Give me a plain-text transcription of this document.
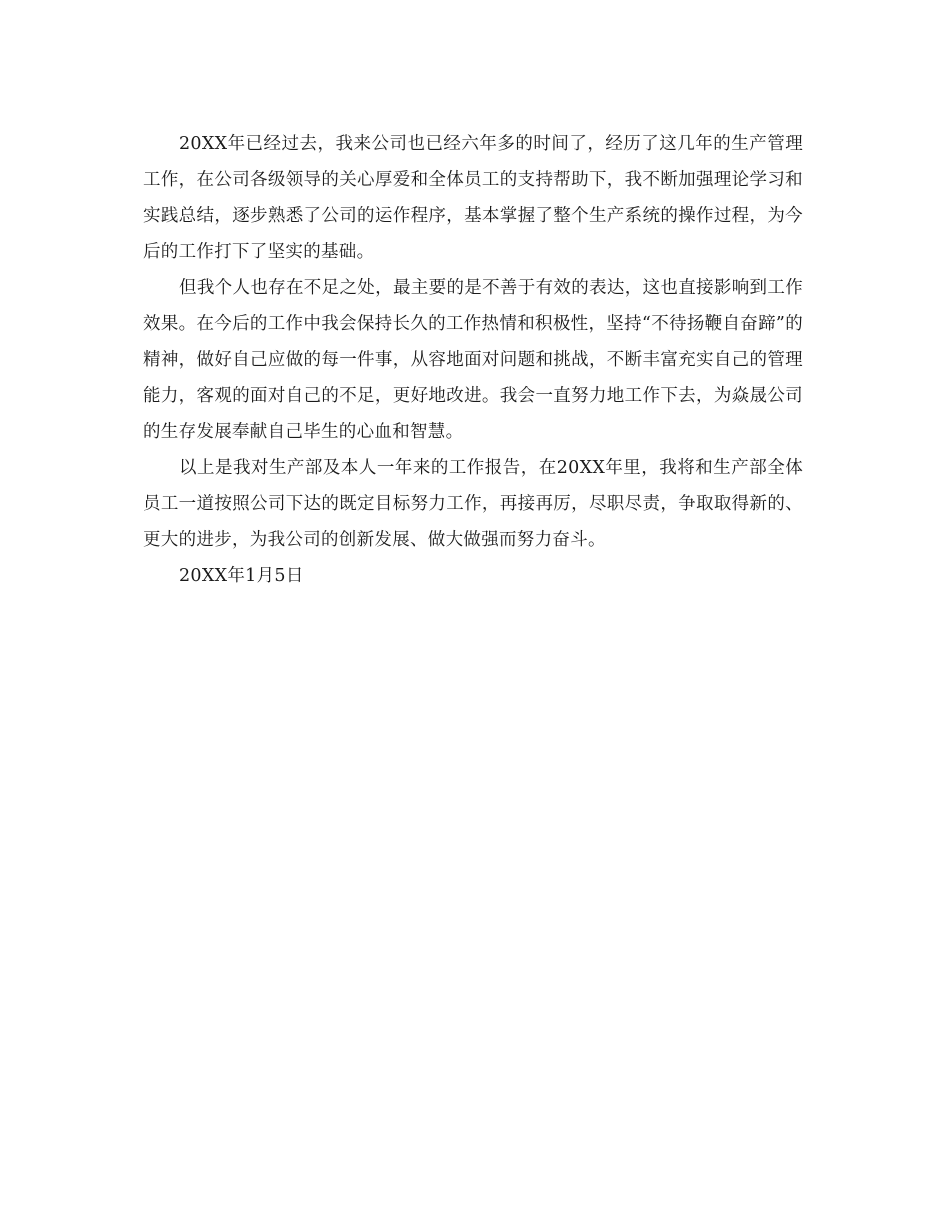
20XX年已经过去，我来公司也已经六年多的时间了，经历了这几年的生产管理工作，在公司各级领导的关心厚爱和全体员工的支持帮助下，我不断加强理论学习和实践总结，逐步熟悉了公司的运作程序，基本掌握了整个生产系统的操作过程，为今后的工作打下了坚实的基础。

但我个人也存在不足之处，最主要的是不善于有效的表达，这也直接影响到工作效果。在今后的工作中我会保持长久的工作热情和积极性，坚持“不待扬鞭自奋蹄”的精神，做好自己应做的每一件事，从容地面对问题和挑战，不断丰富充实自己的管理能力，客观的面对自己的不足，更好地改进。我会一直努力地工作下去，为焱晟公司的生存发展奉献自己毕生的心血和智慧。

以上是我对生产部及本人一年来的工作报告，在20XX年里，我将和生产部全体员工一道按照公司下达的既定目标努力工作，再接再厉，尽职尽责，争取取得新的、更大的进步，为我公司的创新发展、做大做强而努力奋斗。

20XX年1月5日
